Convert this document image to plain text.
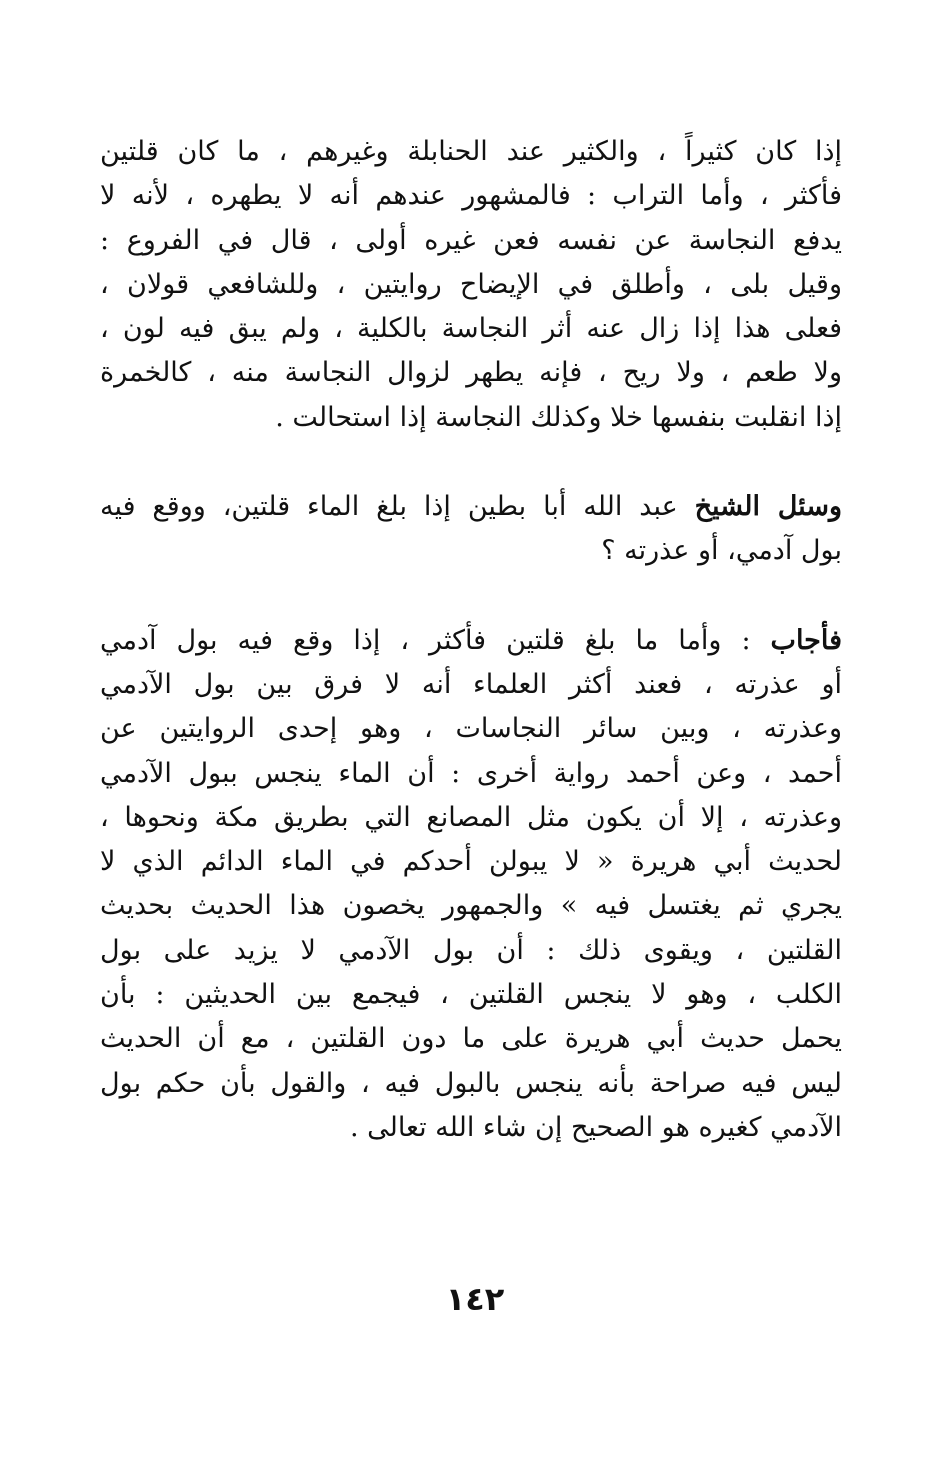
إذا كان كثيراً ، والكثير عند الحنابلة وغيرهم ، ما كان قلتين
فأكثر ، وأما التراب : فالمشهور عندهم أنه لا يطهره ، لأنه لا
يدفع النجاسة عن نفسه فعن غيره أولى ، قال في الفروع :
وقيل بلى ، وأطلق في الإيضاح روايتين ، وللشافعي قولان ،
فعلى هذا إذا زال عنه أثر النجاسة بالكلية ، ولم يبق فيه لون ،
ولا طعم ، ولا ريح ، فإنه يطهر لزوال النجاسة منه ، كالخمرة
إذا انقلبت بنفسها خلا وكذلك النجاسة إذا استحالت .

وسئل الشيخ عبد الله أبا بطين إذا بلغ الماء قلتين، ووقع فيه
بول آدمي، أو عذرته ؟

فأجاب : وأما ما بلغ قلتين فأكثر ، إذا وقع فيه بول آدمي
أو عذرته ، فعند أكثر العلماء أنه لا فرق بين بول الآدمي
وعذرته ، وبين سائر النجاسات ، وهو إحدى الروايتين عن
أحمد ، وعن أحمد رواية أخرى : أن الماء ينجس ببول الآدمي
وعذرته ، إلا أن يكون مثل المصانع التي بطريق مكة ونحوها ،
لحديث أبي هريرة « لا يبولن أحدكم في الماء الدائم الذي لا
يجري ثم يغتسل فيه » والجمهور يخصون هذا الحديث بحديث
القلتين ، ويقوى ذلك : أن بول الآدمي لا يزيد على بول
الكلب ، وهو لا ينجس القلتين ، فيجمع بين الحديثين : بأن
يحمل حديث أبي هريرة على ما دون القلتين ، مع أن الحديث
ليس فيه صراحة بأنه ينجس بالبول فيه ، والقول بأن حكم بول
الآدمي كغيره هو الصحيح إن شاء الله تعالى .

١٤٢
